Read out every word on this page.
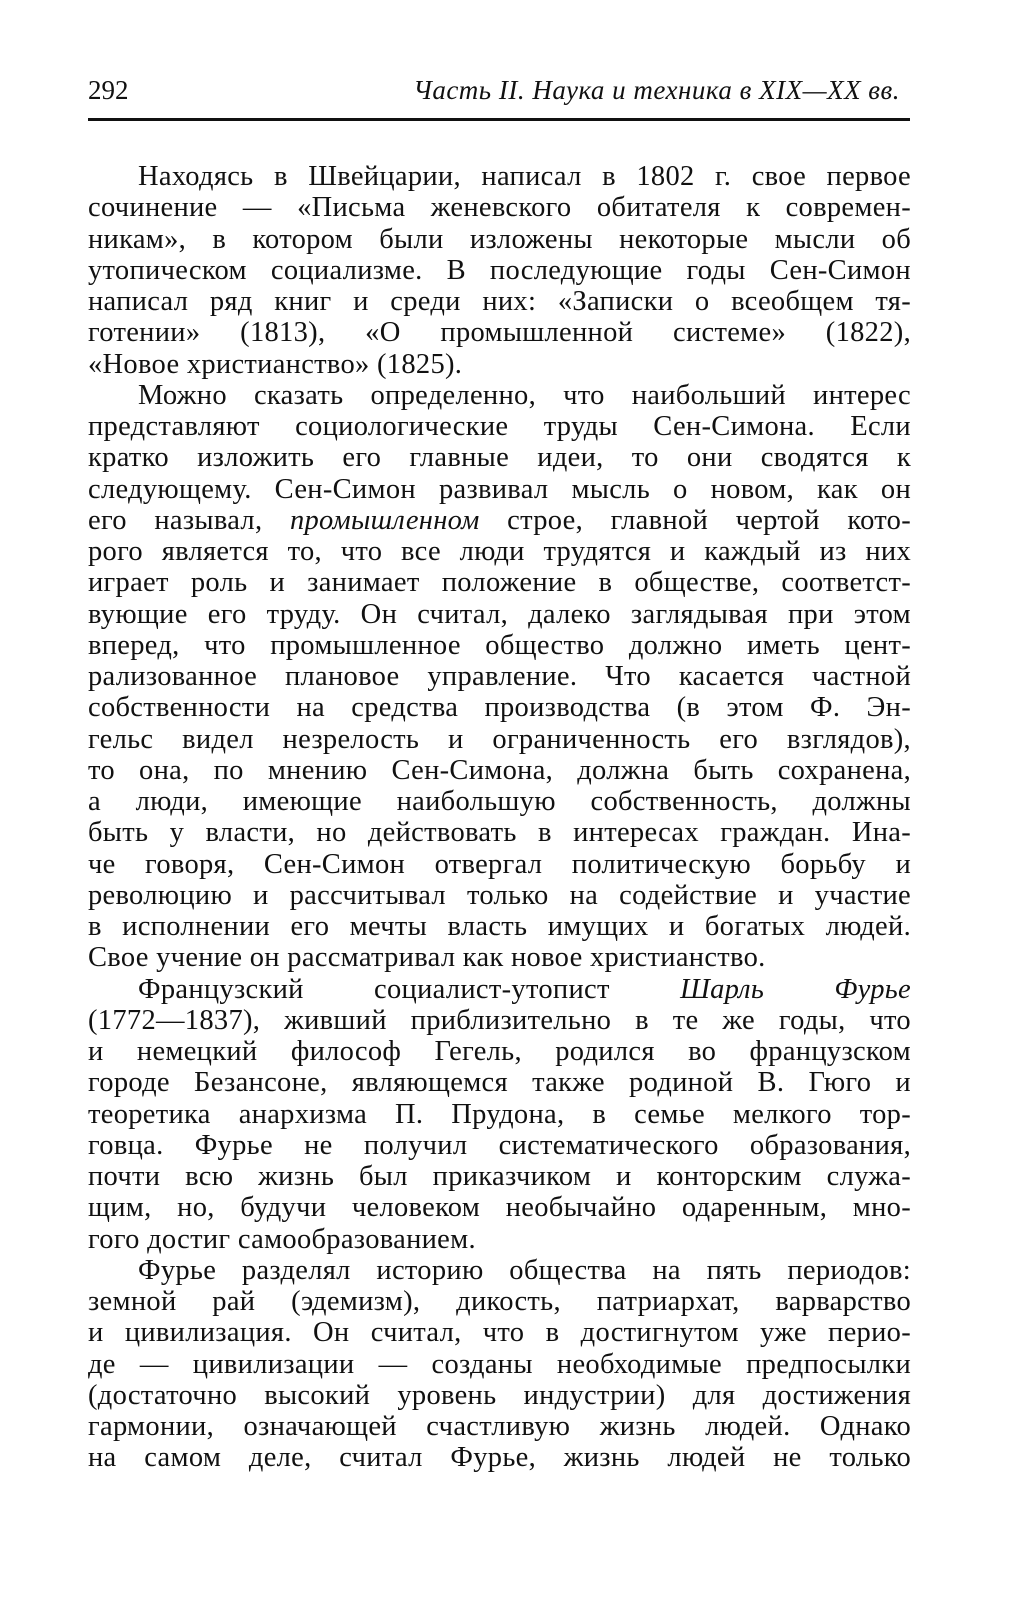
292	Часть II. Наука и техника в XIX—XX вв.
Находясь в Швейцарии, написал в 1802 г. свое первое
сочинение — «Письма женевского обитателя к современ-
никам», в котором были изложены некоторые мысли об
утопическом социализме. В последующие годы Сен-Симон
написал ряд книг и среди них: «Записки о всеобщем тя-
готении» (1813), «О промышленной системе» (1822),
«Новое христианство» (1825).
Можно сказать определенно, что наибольший интерес
представляют социологические труды Сен-Симона. Если
кратко изложить его главные идеи, то они сводятся к
следующему. Сен-Симон развивал мысль о новом, как он
его называл, промышленном строе, главной чертой кото-
рого является то, что все люди трудятся и каждый из них
играет роль и занимает положение в обществе, соответст-
вующие его труду. Он считал, далеко заглядывая при этом
вперед, что промышленное общество должно иметь цент-
рализованное плановое управление. Что касается частной
собственности на средства производства (в этом Ф. Эн-
гельс видел незрелость и ограниченность его взглядов),
то она, по мнению Сен-Симона, должна быть сохранена,
а люди, имеющие наибольшую собственность, должны
быть у власти, но действовать в интересах граждан. Ина-
че говоря, Сен-Симон отвергал политическую борьбу и
революцию и рассчитывал только на содействие и участие
в исполнении его мечты власть имущих и богатых людей.
Свое учение он рассматривал как новое христианство.
Французский социалист-утопист Шарль Фурье
(1772—1837), живший приблизительно в те же годы, что
и немецкий философ Гегель, родился во французском
городе Безансоне, являющемся также родиной В. Гюго и
теоретика анархизма П. Прудона, в семье мелкого тор-
говца. Фурье не получил систематического образования,
почти всю жизнь был приказчиком и конторским служа-
щим, но, будучи человеком необычайно одаренным, мно-
гого достиг самообразованием.
Фурье разделял историю общества на пять периодов:
земной рай (эдемизм), дикость, патриархат, варварство
и цивилизация. Он считал, что в достигнутом уже перио-
де — цивилизации — созданы необходимые предпосылки
(достаточно высокий уровень индустрии) для достижения
гармонии, означающей счастливую жизнь людей. Однако
на самом деле, считал Фурье, жизнь людей не только
